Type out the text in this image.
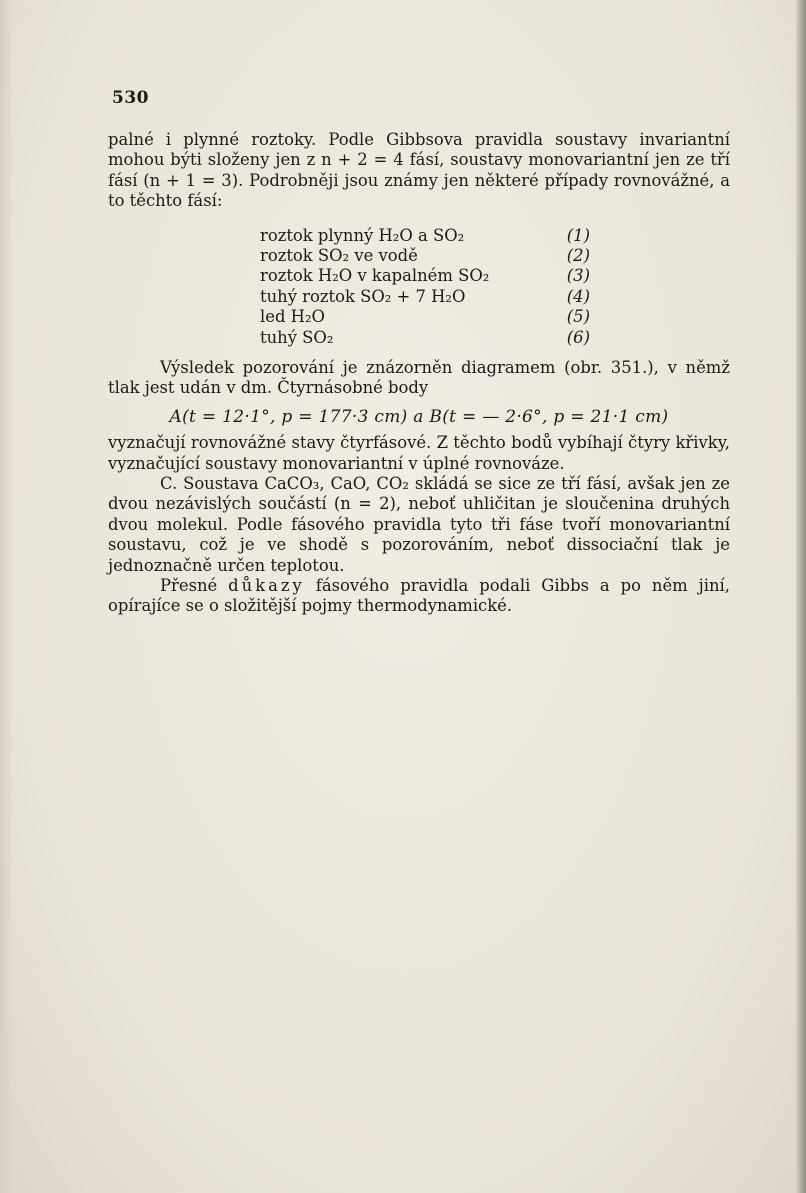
530

palné i plynné roztoky. Podle Gibbsova pravidla soustavy invariantní mohou býti složeny jen z n + 2 = 4 fásí, soustavy monovariantní jen ze tří fásí (n + 1 = 3). Podrobněji jsou známy jen některé případy rovnovážné, a to těchto fásí:

roztok plynný H₂O a SO₂	(1)
roztok SO₂ ve vodě	(2)
roztok H₂O v kapalném SO₂	(3)
tuhý roztok SO₂ + 7 H₂O	(4)
led H₂O	(5)
tuhý SO₂	(6)

Výsledek pozorování je znázorněn diagramem (obr. 351.), v němž tlak jest udán v dm. Čtyrnásobné body

A(t = 12·1°, p = 177·3 cm) a B(t = — 2·6°, p = 21·1 cm)

vyznačují rovnovážné stavy čtyrfásové. Z těchto bodů vybíhají čtyry křivky, vyznačující soustavy monovariantní v úplné rovnováze.

C. Soustava CaCO₃, CaO, CO₂ skládá se sice ze tří fásí, avšak jen ze dvou nezávislých součástí (n = 2), neboť uhličitan je sloučenina druhých dvou molekul. Podle fásového pravidla tyto tři fáse tvoří monovariantní soustavu, což je ve shodě s pozorováním, neboť dissociační tlak je jednoznačně určen teplotou.

Přesné důkazy fásového pravidla podali Gibbs a po něm jiní, opírajíce se o složitější pojmy thermodynamické.
